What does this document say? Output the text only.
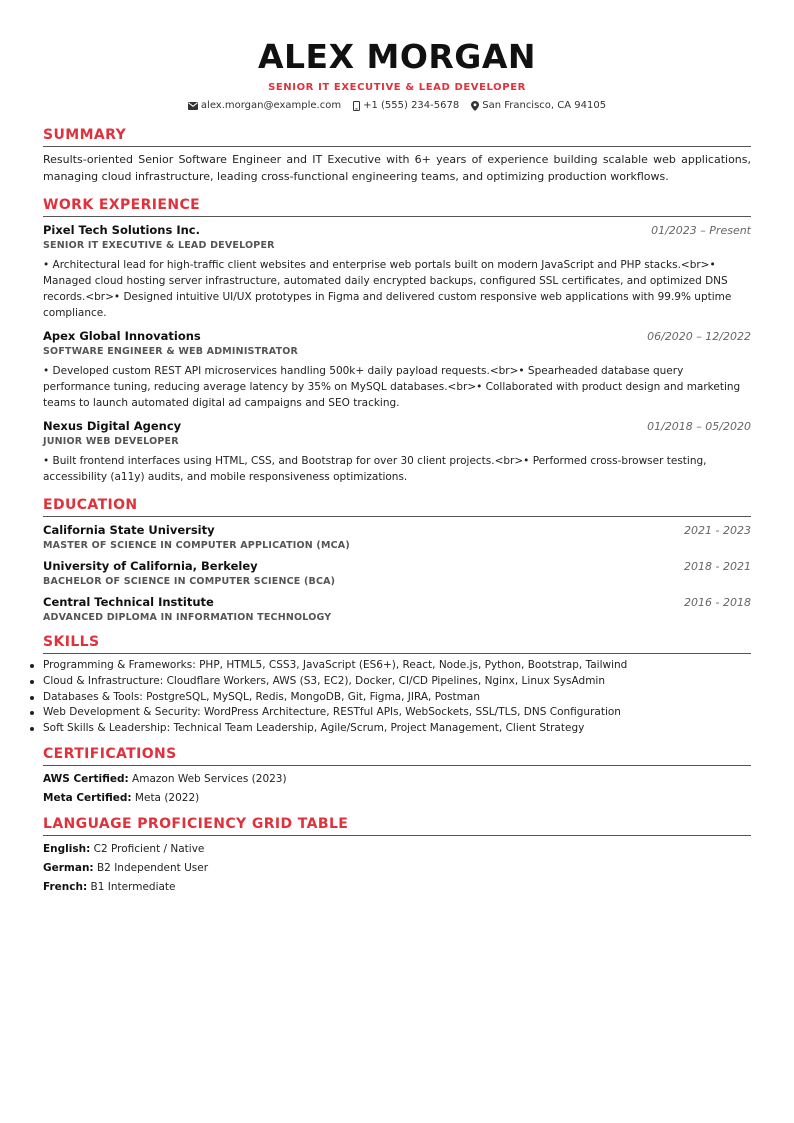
ALEX MORGAN
SENIOR IT EXECUTIVE & LEAD DEVELOPER
alex.morgan@example.com +1 (555) 234-5678 San Francisco, CA 94105
SUMMARY
Results-oriented Senior Software Engineer and IT Executive with 6+ years of experience building scalable web applications, managing cloud infrastructure, leading cross-functional engineering teams, and optimizing production workflows.
WORK EXPERIENCE
Pixel Tech Solutions Inc.	01/2023 – Present
SENIOR IT EXECUTIVE & LEAD DEVELOPER
• Architectural lead for high-traffic client websites and enterprise web portals built on modern JavaScript and PHP stacks.<br>• Managed cloud hosting server infrastructure, automated daily encrypted backups, configured SSL certificates, and optimized DNS records.<br>• Designed intuitive UI/UX prototypes in Figma and delivered custom responsive web applications with 99.9% uptime compliance.
Apex Global Innovations	06/2020 – 12/2022
SOFTWARE ENGINEER & WEB ADMINISTRATOR
• Developed custom REST API microservices handling 500k+ daily payload requests.<br>• Spearheaded database query performance tuning, reducing average latency by 35% on MySQL databases.<br>• Collaborated with product design and marketing teams to launch automated digital ad campaigns and SEO tracking.
Nexus Digital Agency	01/2018 – 05/2020
JUNIOR WEB DEVELOPER
• Built frontend interfaces using HTML, CSS, and Bootstrap for over 30 client projects.<br>• Performed cross-browser testing, accessibility (a11y) audits, and mobile responsiveness optimizations.
EDUCATION
California State University	2021 - 2023
MASTER OF SCIENCE IN COMPUTER APPLICATION (MCA)
University of California, Berkeley	2018 - 2021
BACHELOR OF SCIENCE IN COMPUTER SCIENCE (BCA)
Central Technical Institute	2016 - 2018
ADVANCED DIPLOMA IN INFORMATION TECHNOLOGY
SKILLS
Programming & Frameworks: PHP, HTML5, CSS3, JavaScript (ES6+), React, Node.js, Python, Bootstrap, Tailwind
Cloud & Infrastructure: Cloudflare Workers, AWS (S3, EC2), Docker, CI/CD Pipelines, Nginx, Linux SysAdmin
Databases & Tools: PostgreSQL, MySQL, Redis, MongoDB, Git, Figma, JIRA, Postman
Web Development & Security: WordPress Architecture, RESTful APIs, WebSockets, SSL/TLS, DNS Configuration
Soft Skills & Leadership: Technical Team Leadership, Agile/Scrum, Project Management, Client Strategy
CERTIFICATIONS
AWS Certified: Amazon Web Services (2023)
Meta Certified: Meta (2022)
LANGUAGE PROFICIENCY GRID TABLE
English: C2 Proficient / Native
German: B2 Independent User
French: B1 Intermediate
